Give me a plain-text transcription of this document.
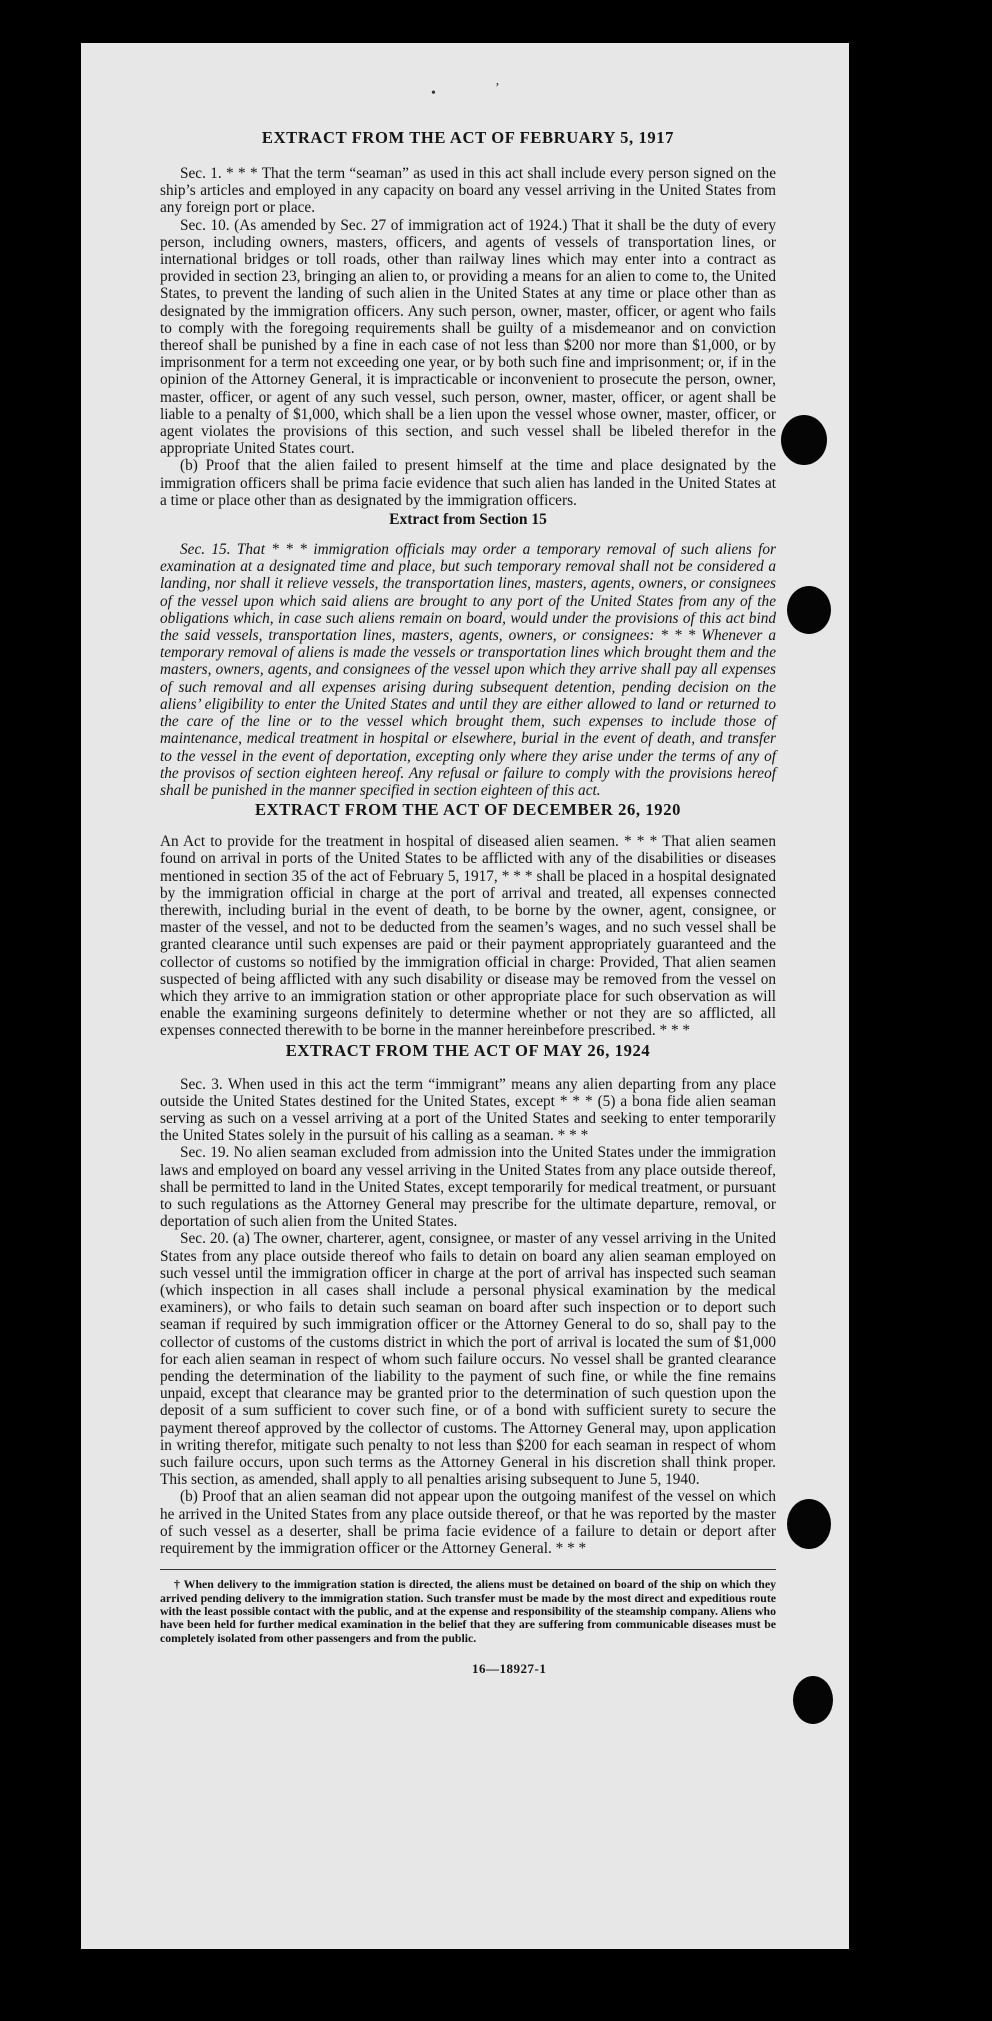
•	’
EXTRACT FROM THE ACT OF FEBRUARY 5, 1917

Sec. 1. * * * That the term “seaman” as used in this act shall include every person signed on the ship’s articles and employed in any capacity on board any vessel arriving in the United States from any foreign port or place.

Sec. 10. (As amended by Sec. 27 of immigration act of 1924.) That it shall be the duty of every person, including owners, masters, officers, and agents of vessels of transportation lines, or international bridges or toll roads, other than railway lines which may enter into a contract as provided in section 23, bringing an alien to, or providing a means for an alien to come to, the United States, to prevent the landing of such alien in the United States at any time or place other than as designated by the immigration officers. Any such person, owner, master, officer, or agent who fails to comply with the foregoing requirements shall be guilty of a misdemeanor and on conviction thereof shall be punished by a fine in each case of not less than $200 nor more than $1,000, or by imprisonment for a term not exceeding one year, or by both such fine and imprisonment; or, if in the opinion of the Attorney General, it is impracticable or inconvenient to prosecute the person, owner, master, officer, or agent of any such vessel, such person, owner, master, officer, or agent shall be liable to a penalty of $1,000, which shall be a lien upon the vessel whose owner, master, officer, or agent violates the provisions of this section, and such vessel shall be libeled therefor in the appropriate United States court.

(b) Proof that the alien failed to present himself at the time and place designated by the immigration officers shall be prima facie evidence that such alien has landed in the United States at a time or place other than as designated by the immigration officers.

Extract from Section 15

Sec. 15. That * * * immigration officials may order a temporary removal of such aliens for examination at a designated time and place, but such temporary removal shall not be considered a landing, nor shall it relieve vessels, the transportation lines, masters, agents, owners, or consignees of the vessel upon which said aliens are brought to any port of the United States from any of the obligations which, in case such aliens remain on board, would under the provisions of this act bind the said vessels, transportation lines, masters, agents, owners, or consignees: * * * Whenever a temporary removal of aliens is made the vessels or transportation lines which brought them and the masters, owners, agents, and consignees of the vessel upon which they arrive shall pay all expenses of such removal and all expenses arising during subsequent detention, pending decision on the aliens’ eligibility to enter the United States and until they are either allowed to land or returned to the care of the line or to the vessel which brought them, such expenses to include those of maintenance, medical treatment in hospital or elsewhere, burial in the event of death, and transfer to the vessel in the event of deportation, excepting only where they arise under the terms of any of the provisos of section eighteen hereof. Any refusal or failure to comply with the provisions hereof shall be punished in the manner specified in section eighteen of this act.

EXTRACT FROM THE ACT OF DECEMBER 26, 1920

An Act to provide for the treatment in hospital of diseased alien seamen. * * * That alien seamen found on arrival in ports of the United States to be afflicted with any of the disabilities or diseases mentioned in section 35 of the act of February 5, 1917, * * * shall be placed in a hospital designated by the immigration official in charge at the port of arrival and treated, all expenses connected therewith, including burial in the event of death, to be borne by the owner, agent, consignee, or master of the vessel, and not to be deducted from the seamen’s wages, and no such vessel shall be granted clearance until such expenses are paid or their payment appropriately guaranteed and the collector of customs so notified by the immigration official in charge: Provided, That alien seamen suspected of being afflicted with any such disability or disease may be removed from the vessel on which they arrive to an immigration station or other appropriate place for such observation as will enable the examining surgeons definitely to determine whether or not they are so afflicted, all expenses connected therewith to be borne in the manner hereinbefore prescribed. * * *

EXTRACT FROM THE ACT OF MAY 26, 1924

Sec. 3. When used in this act the term “immigrant” means any alien departing from any place outside the United States destined for the United States, except * * * (5) a bona fide alien seaman serving as such on a vessel arriving at a port of the United States and seeking to enter temporarily the United States solely in the pursuit of his calling as a seaman. * * *

Sec. 19. No alien seaman excluded from admission into the United States under the immigration laws and employed on board any vessel arriving in the United States from any place outside thereof, shall be permitted to land in the United States, except temporarily for medical treatment, or pursuant to such regulations as the Attorney General may prescribe for the ultimate departure, removal, or deportation of such alien from the United States.

Sec. 20. (a) The owner, charterer, agent, consignee, or master of any vessel arriving in the United States from any place outside thereof who fails to detain on board any alien seaman employed on such vessel until the immigration officer in charge at the port of arrival has inspected such seaman (which inspection in all cases shall include a personal physical examination by the medical examiners), or who fails to detain such seaman on board after such inspection or to deport such seaman if required by such immigration officer or the Attorney General to do so, shall pay to the collector of customs of the customs district in which the port of arrival is located the sum of $1,000 for each alien seaman in respect of whom such failure occurs. No vessel shall be granted clearance pending the determination of the liability to the payment of such fine, or while the fine remains unpaid, except that clearance may be granted prior to the determination of such question upon the deposit of a sum sufficient to cover such fine, or of a bond with sufficient surety to secure the payment thereof approved by the collector of customs. The Attorney General may, upon application in writing therefor, mitigate such penalty to not less than $200 for each seaman in respect of whom such failure occurs, upon such terms as the Attorney General in his discretion shall think proper. This section, as amended, shall apply to all penalties arising subsequent to June 5, 1940.

(b) Proof that an alien seaman did not appear upon the outgoing manifest of the vessel on which he arrived in the United States from any place outside thereof, or that he was reported by the master of such vessel as a deserter, shall be prima facie evidence of a failure to detain or deport after requirement by the immigration officer or the Attorney General. * * *

† When delivery to the immigration station is directed, the aliens must be detained on board of the ship on which they arrived pending delivery to the immigration station. Such transfer must be made by the most direct and expeditious route with the least possible contact with the public, and at the expense and responsibility of the steamship company. Aliens who have been held for further medical examination in the belief that they are suffering from communicable diseases must be completely isolated from other passengers and from the public.

16—18927-1
